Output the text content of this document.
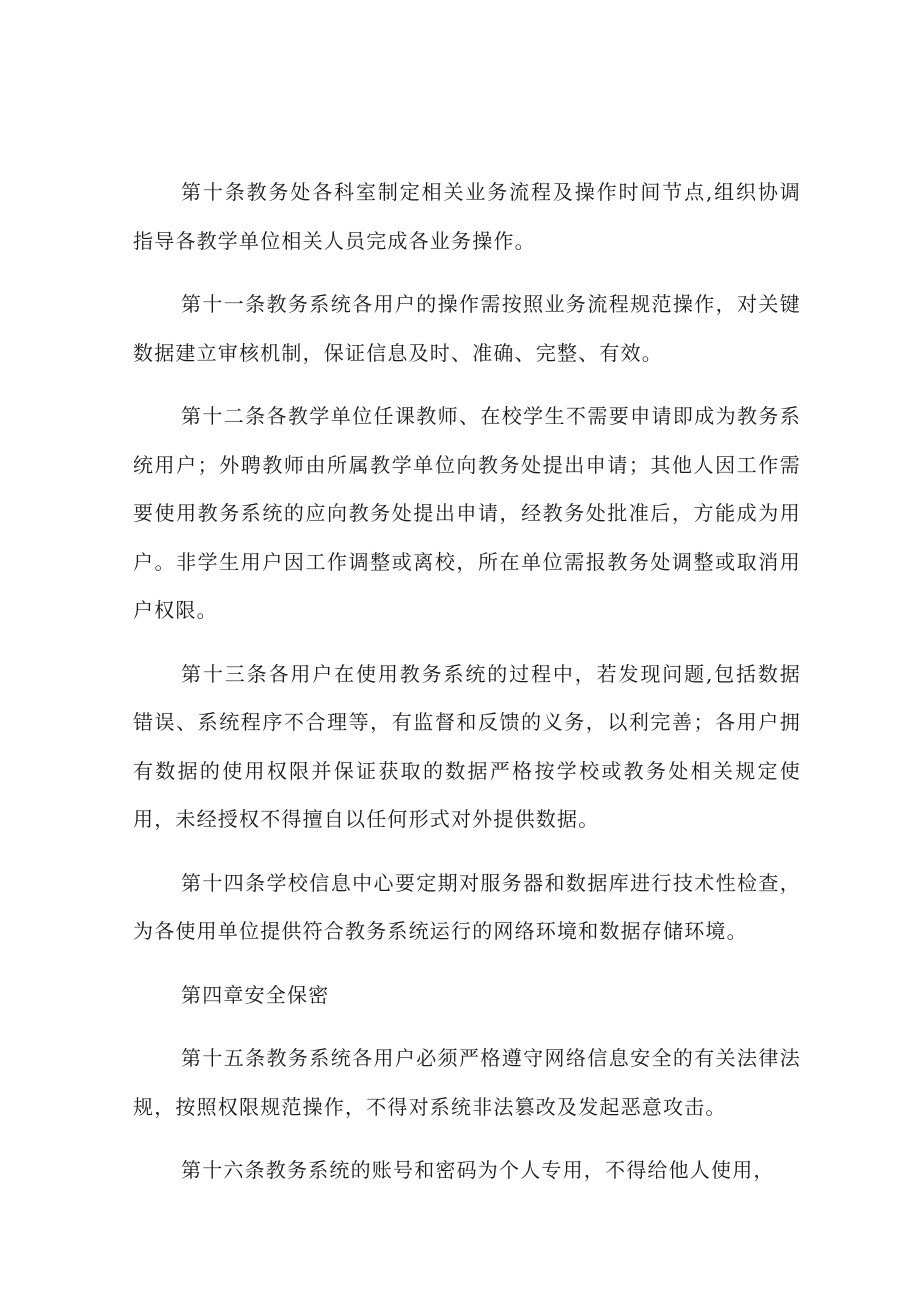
第十条教务处各科室制定相关业务流程及操作时间节点,组织协调指导各教学单位相关人员完成各业务操作。

第十一条教务系统各用户的操作需按照业务流程规范操作，对关键数据建立审核机制，保证信息及时、准确、完整、有效。

第十二条各教学单位任课教师、在校学生不需要申请即成为教务系统用户；外聘教师由所属教学单位向教务处提出申请；其他人因工作需要使用教务系统的应向教务处提出申请，经教务处批准后，方能成为用户。非学生用户因工作调整或离校，所在单位需报教务处调整或取消用户权限。

第十三条各用户在使用教务系统的过程中，若发现问题,包括数据错误、系统程序不合理等，有监督和反馈的义务，以利完善；各用户拥有数据的使用权限并保证获取的数据严格按学校或教务处相关规定使用，未经授权不得擅自以任何形式对外提供数据。

第十四条学校信息中心要定期对服务器和数据库进行技术性检查，为各使用单位提供符合教务系统运行的网络环境和数据存储环境。

第四章安全保密

第十五条教务系统各用户必须严格遵守网络信息安全的有关法律法规，按照权限规范操作，不得对系统非法篡改及发起恶意攻击。

第十六条教务系统的账号和密码为个人专用，不得给他人使用，
